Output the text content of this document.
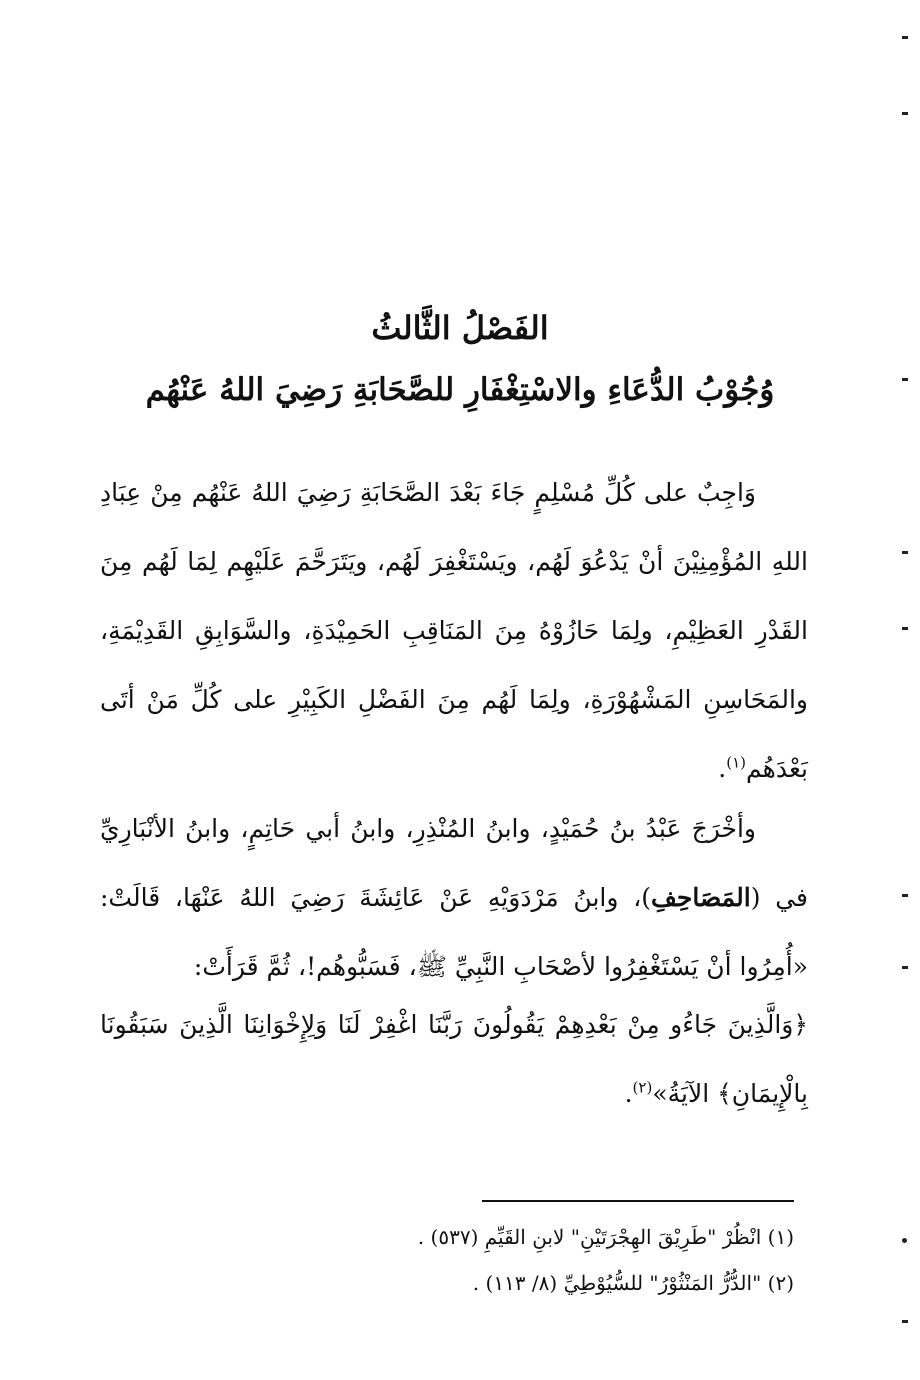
الفَصْلُ الثَّالثُ
وُجُوْبُ الدُّعَاءِ والاسْتِغْفَارِ للصَّحَابَةِ رَضِيَ اللهُ عَنْهُم
وَاجِبٌ على كُلِّ مُسْلِمٍ جَاءَ بَعْدَ الصَّحَابَةِ رَضِيَ اللهُ عَنْهُم مِنْ عِبَادِ اللهِ المُؤْمِنِيْنَ أنْ يَدْعُوَ لَهُم، ويَسْتَغْفِرَ لَهُم، ويَتَرَحَّمَ عَلَيْهِم لِمَا لَهُم مِنَ القَدْرِ العَظِيْمِ، ولِمَا حَازُوْهُ مِنَ المَنَاقِبِ الحَمِيْدَةِ، والسَّوَابِقِ القَدِيْمَةِ، والمَحَاسِنِ المَشْهُوْرَةِ، ولِمَا لَهُم مِنَ الفَضْلِ الكَبِيْرِ على كُلِّ مَنْ أتَى بَعْدَهُم$^{(١)}$.
وأخْرَجَ عَبْدُ بنُ حُمَيْدٍ، وابنُ المُنْذِرِ، وابنُ أبي حَاتِمٍ، وابنُ الأنْبَارِيِّ في (المَصَاحِفِ)، وابنُ مَرْدَوَيْهِ عَنْ عَائِشَةَ رَضِيَ اللهُ عَنْهَا، قَالَتْ: «أُمِرُوا أنْ يَسْتَغْفِرُوا لأصْحَابِ النَّبِيِّ ﷺ، فَسَبُّوهُم!، ثُمَّ قَرَأَتْ:
﴿وَالَّذِينَ جَاءُو مِنْ بَعْدِهِمْ يَقُولُونَ رَبَّنَا اغْفِرْ لَنَا وَلِإِخْوَانِنَا الَّذِينَ سَبَقُونَا بِالْإِيمَانِ﴾ الآيَةُ»$^{(٢)}$.
(١) انْظُرْ "طَرِيْقَ الهِجْرَتَيْنِ" لابنِ القَيِّمِ (٥٣٧) .
(٢) "الدُّرُّ المَنْثُوْرُ" للسُّيُوْطِيِّ (٨/ ١١٣) .
